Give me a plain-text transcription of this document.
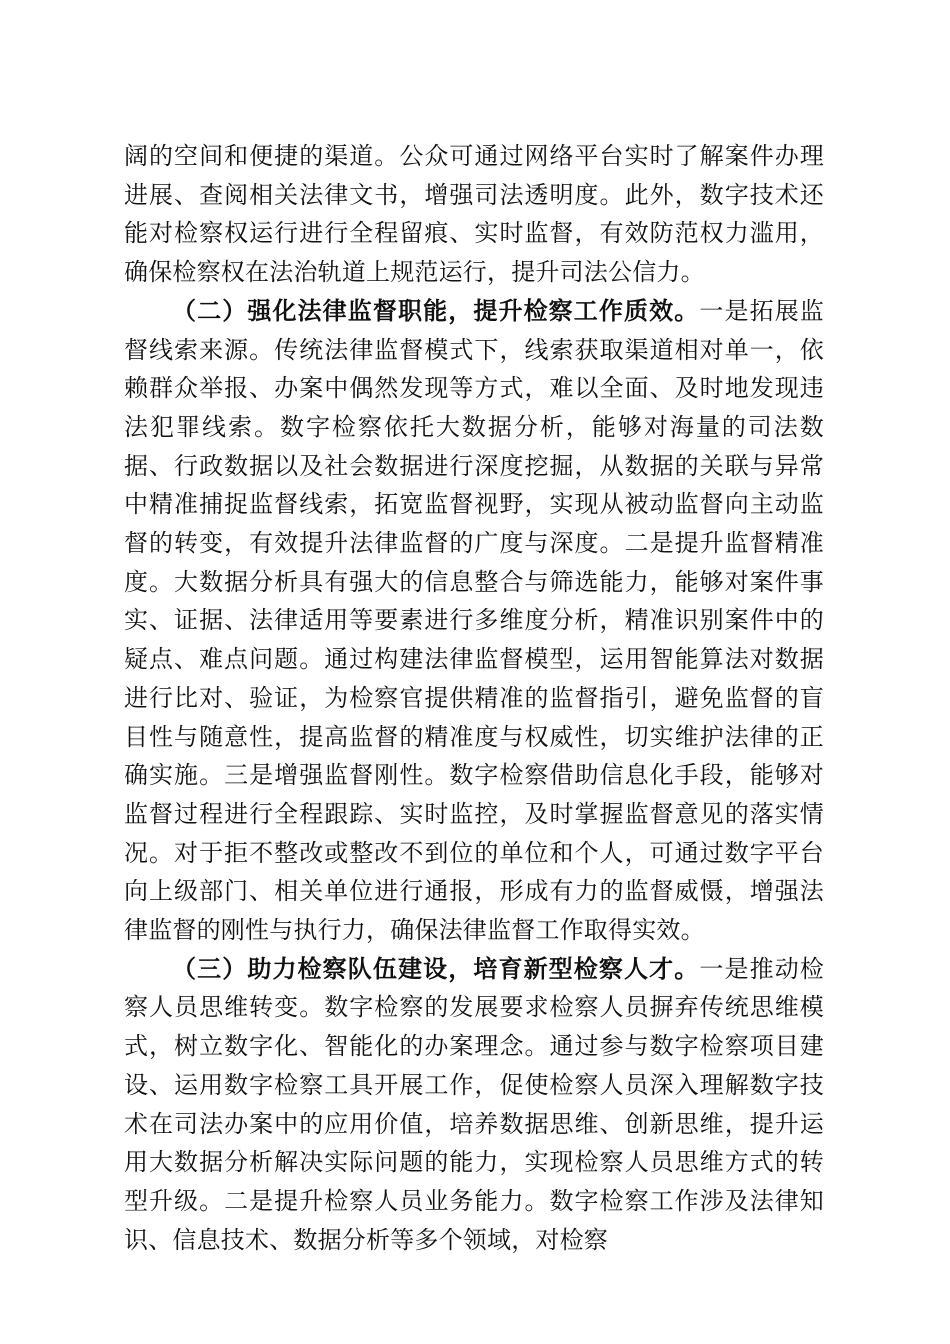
阔的空间和便捷的渠道。公众可通过网络平台实时了解案件办理进展、查阅相关法律文书，增强司法透明度。此外，数字技术还能对检察权运行进行全程留痕、实时监督，有效防范权力滥用，确保检察权在法治轨道上规范运行，提升司法公信力。

（二）强化法律监督职能，提升检察工作质效。一是拓展监督线索来源。传统法律监督模式下，线索获取渠道相对单一，依赖群众举报、办案中偶然发现等方式，难以全面、及时地发现违法犯罪线索。数字检察依托大数据分析，能够对海量的司法数据、行政数据以及社会数据进行深度挖掘，从数据的关联与异常中精准捕捉监督线索，拓宽监督视野，实现从被动监督向主动监督的转变，有效提升法律监督的广度与深度。二是提升监督精准度。大数据分析具有强大的信息整合与筛选能力，能够对案件事实、证据、法律适用等要素进行多维度分析，精准识别案件中的疑点、难点问题。通过构建法律监督模型，运用智能算法对数据进行比对、验证，为检察官提供精准的监督指引，避免监督的盲目性与随意性，提高监督的精准度与权威性，切实维护法律的正确实施。三是增强监督刚性。数字检察借助信息化手段，能够对监督过程进行全程跟踪、实时监控，及时掌握监督意见的落实情况。对于拒不整改或整改不到位的单位和个人，可通过数字平台向上级部门、相关单位进行通报，形成有力的监督威慑，增强法律监督的刚性与执行力，确保法律监督工作取得实效。

（三）助力检察队伍建设，培育新型检察人才。一是推动检察人员思维转变。数字检察的发展要求检察人员摒弃传统思维模式，树立数字化、智能化的办案理念。通过参与数字检察项目建设、运用数字检察工具开展工作，促使检察人员深入理解数字技术在司法办案中的应用价值，培养数据思维、创新思维，提升运用大数据分析解决实际问题的能力，实现检察人员思维方式的转型升级。二是提升检察人员业务能力。数字检察工作涉及法律知识、信息技术、数据分析等多个领域，对检察
